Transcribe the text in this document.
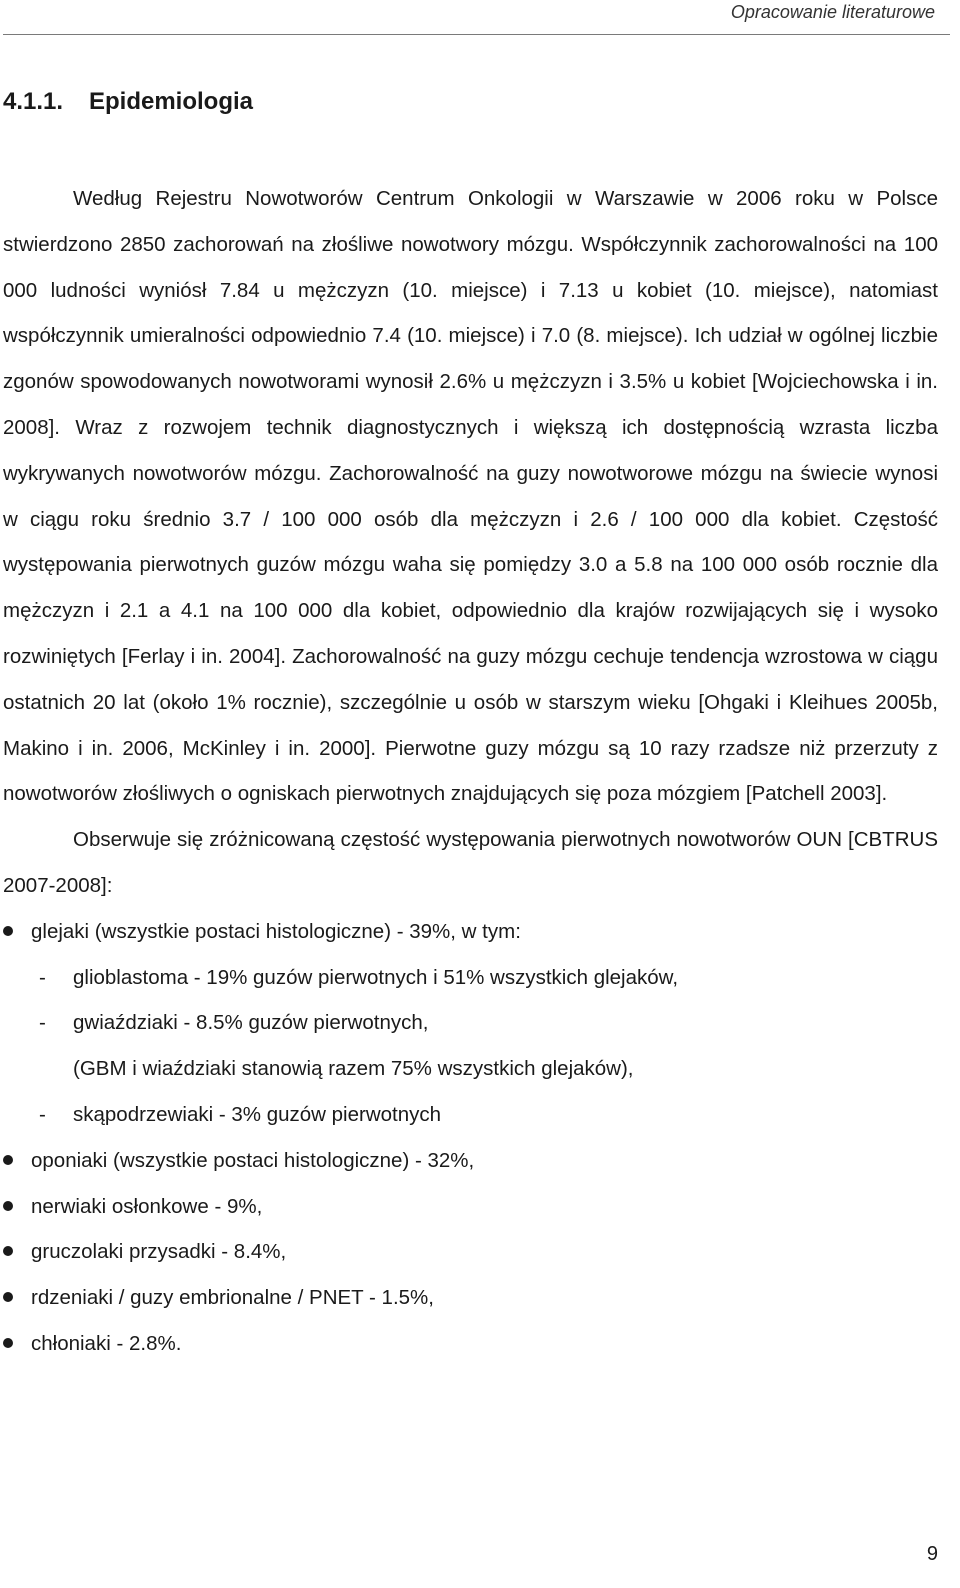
Opracowanie literaturowe
4.1.1. Epidemiologia

Według Rejestru Nowotworów Centrum Onkologii w Warszawie w 2006 roku w Polsce stwierdzono 2850 zachorowań na złośliwe nowotwory mózgu. Współczynnik zachorowalności na 100 000 ludności wyniósł 7.84 u mężczyzn (10. miejsce) i 7.13 u kobiet (10. miejsce), natomiast współczynnik umieralności odpowiednio 7.4 (10. miejsce) i 7.0 (8. miejsce). Ich udział w ogólnej liczbie zgonów spowodowanych nowotworami wynosił 2.6% u mężczyzn i 3.5% u kobiet [Wojciechowska i in. 2008]. Wraz z rozwojem technik diagnostycznych i większą ich dostępnością wzrasta liczba wykrywanych nowotworów mózgu. Zachorowalność na guzy nowotworowe mózgu na świecie wynosi w ciągu roku średnio 3.7 / 100 000 osób dla mężczyzn i 2.6 / 100 000 dla kobiet. Częstość występowania pierwotnych guzów mózgu waha się pomiędzy 3.0 a 5.8 na 100 000 osób rocznie dla mężczyzn i 2.1 a 4.1 na 100 000 dla kobiet, odpowiednio dla krajów rozwijających się i wysoko rozwiniętych [Ferlay i in. 2004]. Zachorowalność na guzy mózgu cechuje tendencja wzrostowa w ciągu ostatnich 20 lat (około 1% rocznie), szczególnie u osób w starszym wieku [Ohgaki i Kleihues 2005b, Makino i in. 2006, McKinley i in. 2000]. Pierwotne guzy mózgu są 10 razy rzadsze niż przerzuty z nowotworów złośliwych o ogniskach pierwotnych znajdujących się poza mózgiem [Patchell 2003].

Obserwuje się zróżnicowaną częstość występowania pierwotnych nowotworów OUN [CBTRUS 2007-2008]:

glejaki (wszystkie postaci histologiczne) - 39%, w tym:
- glioblastoma - 19% guzów pierwotnych i 51% wszystkich glejaków,
- gwiaździaki - 8.5% guzów pierwotnych,
(GBM i wiaździaki stanowią razem 75% wszystkich glejaków),
- skąpodrzewiaki - 3% guzów pierwotnych
oponiaki (wszystkie postaci histologiczne) - 32%,
nerwiaki osłonkowe - 9%,
gruczolaki przysadki - 8.4%,
rdzeniaki / guzy embrionalne / PNET - 1.5%,
chłoniaki - 2.8%.
9
